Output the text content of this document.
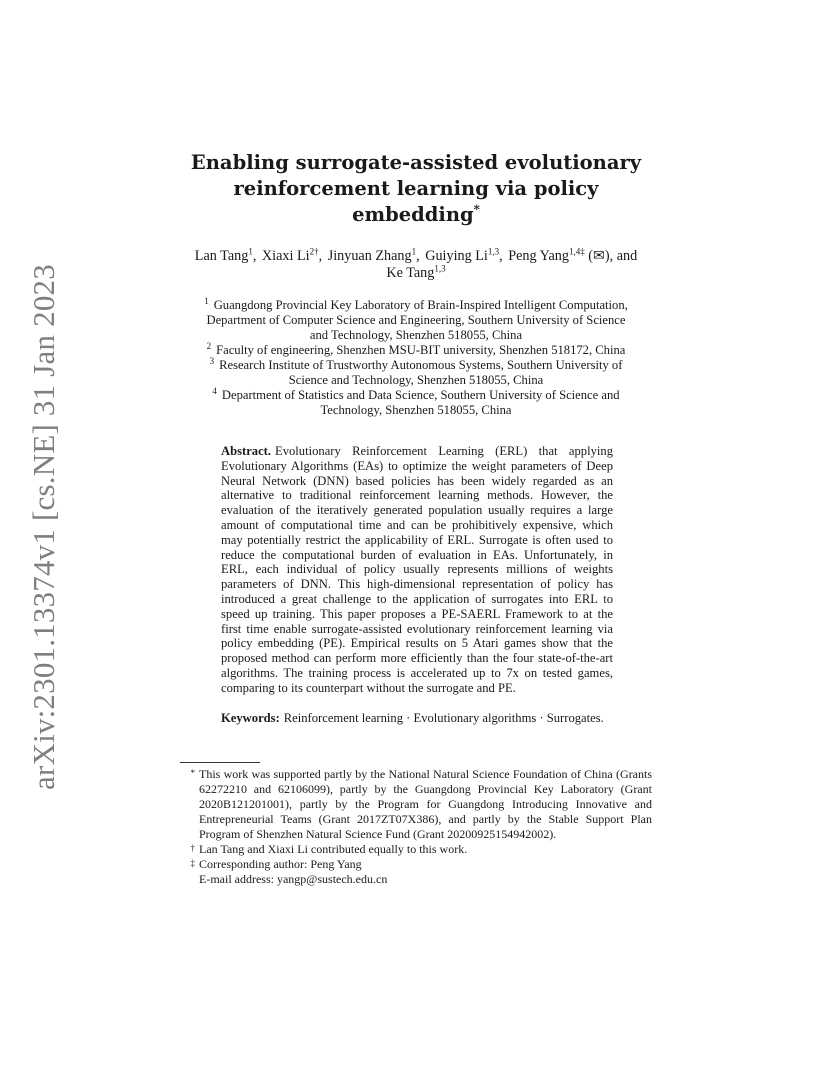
arXiv:2301.13374v1 [cs.NE] 31 Jan 2023
Enabling surrogate-assisted evolutionary
reinforcement learning via policy embedding*
Lan Tang$^1$, Xiaxi $Li^{2\dagger}$, Jinyuan Zhang$^1$, Guiying Li$^{1,3}$, Peng Yang$^{1,4\ddagger}$ (✉), and
Ke Tang$^{1,3}$
$^1$ Guangdong Provincial Key Laboratory of Brain-Inspired Intelligent Computation,
Department of Computer Science and Engineering, Southern University of Science
and Technology, Shenzhen 518055, China
$^2$ Faculty of engineering, Shenzhen MSU-BIT university, Shenzhen 518172, China
$^3$ Research Institute of Trustworthy Autonomous Systems, Southern University of
Science and Technology, Shenzhen 518055, China
$^4$ Department of Statistics and Data Science, Southern University of Science and
Technology, Shenzhen 518055, China

Abstract. Evolutionary Reinforcement Learning (ERL) that applying Evolutionary Algorithms (EAs) to optimize the weight parameters of Deep Neural Network (DNN) based policies has been widely regarded as an alternative to traditional reinforcement learning methods. However, the evaluation of the iteratively generated population usually requires a large amount of computational time and can be prohibitively expensive, which may potentially restrict the applicability of ERL. Surrogate is often used to reduce the computational burden of evaluation in EAs. Unfortunately, in ERL, each individual of policy usually represents millions of weights parameters of DNN. This high-dimensional representation of policy has introduced a great challenge to the application of surrogates into ERL to speed up training. This paper proposes a PE-SAERL Framework to at the first time enable surrogate-assisted evolutionary reinforcement learning via policy embedding (PE). Empirical results on 5 Atari games show that the proposed method can perform more efficiently than the four state-of-the-art algorithms. The training process is accelerated up to 7x on tested games, comparing to its counterpart without the surrogate and PE.

Keywords: Reinforcement learning · Evolutionary algorithms · Surrogates.

* This work was supported partly by the National Natural Science Foundation of China (Grants 62272210 and 62106099), partly by the Guangdong Provincial Key Laboratory (Grant 2020B121201001), partly by the Program for Guangdong Introducing Innovative and Entrepreneurial Teams (Grant 2017ZT07X386), and partly by the Stable Support Plan Program of Shenzhen Natural Science Fund (Grant 20200925154942002).
† Lan Tang and Xiaxi Li contributed equally to this work.
‡ Corresponding author: Peng Yang
E-mail address: yangp@sustech.edu.cn
